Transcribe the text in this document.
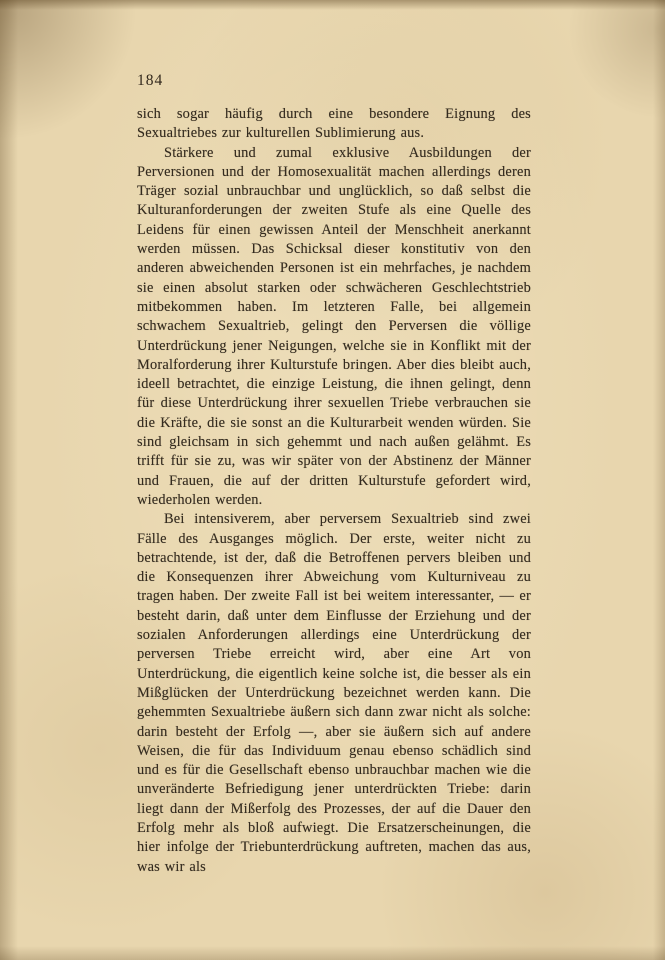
184

sich sogar häufig durch eine besondere Eignung des Sexualtriebes zur kulturellen Sublimierung aus.

Stärkere und zumal exklusive Ausbildungen der Perversionen und der Homosexualität machen allerdings deren Träger sozial unbrauchbar und unglücklich, so daß selbst die Kulturanforderungen der zweiten Stufe als eine Quelle des Leidens für einen gewissen Anteil der Menschheit anerkannt werden müssen. Das Schicksal dieser konstitutiv von den anderen abweichenden Personen ist ein mehrfaches, je nachdem sie einen absolut starken oder schwächeren Geschlechtstrieb mitbekommen haben. Im letzteren Falle, bei allgemein schwachem Sexualtrieb, gelingt den Perversen die völlige Unterdrückung jener Neigungen, welche sie in Konflikt mit der Moralforderung ihrer Kulturstufe bringen. Aber dies bleibt auch, ideell betrachtet, die einzige Leistung, die ihnen gelingt, denn für diese Unterdrückung ihrer sexuellen Triebe verbrauchen sie die Kräfte, die sie sonst an die Kulturarbeit wenden würden. Sie sind gleichsam in sich gehemmt und nach außen gelähmt. Es trifft für sie zu, was wir später von der Abstinenz der Männer und Frauen, die auf der dritten Kulturstufe gefordert wird, wiederholen werden.

Bei intensiverem, aber perversem Sexualtrieb sind zwei Fälle des Ausganges möglich. Der erste, weiter nicht zu betrachtende, ist der, daß die Betroffenen pervers bleiben und die Konsequenzen ihrer Abweichung vom Kulturniveau zu tragen haben. Der zweite Fall ist bei weitem interessanter, — er besteht darin, daß unter dem Einflusse der Erziehung und der sozialen Anforderungen allerdings eine Unterdrückung der perversen Triebe erreicht wird, aber eine Art von Unterdrückung, die eigentlich keine solche ist, die besser als ein Mißglücken der Unterdrückung bezeichnet werden kann. Die gehemmten Sexualtriebe äußern sich dann zwar nicht als solche: darin besteht der Erfolg —, aber sie äußern sich auf andere Weisen, die für das Individuum genau ebenso schädlich sind und es für die Gesellschaft ebenso unbrauchbar machen wie die unveränderte Befriedigung jener unterdrückten Triebe: darin liegt dann der Mißerfolg des Prozesses, der auf die Dauer den Erfolg mehr als bloß aufwiegt. Die Ersatzerscheinungen, die hier infolge der Triebunterdrückung auftreten, machen das aus, was wir als
